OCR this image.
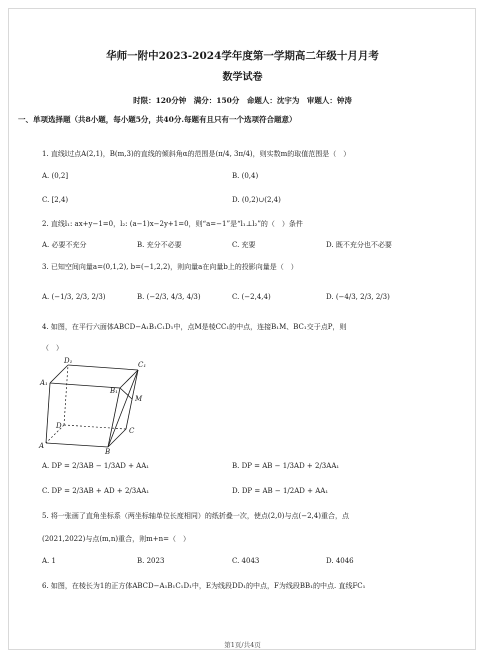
华师一附中2023-2024学年度第一学期高二年级十月月考
数学试卷
时限：120分钟　满分：150分　命题人：沈宇为　审题人：钟涛
一、单项选择题（共8小题，每小题5分，共40分.每题有且只有一个选项符合题意）
1. 直线l过点A(2,1)，B(m,3)的直线的倾斜角α的范围是(π/4, 3π/4)，则实数m的取值范围是（　）
A. (0,2]	B. (0,4)
C. [2,4)	D. (0,2)∪(2,4)
2. 直线l₁: ax+y−1=0，l₂: (a−1)x−2y+1=0，则“a=−1”是“l₁⊥l₂”的（　）条件
A. 必要不充分	B. 充分不必要	C. 充要	D. 既不充分也不必要
3. 已知空间向量a=(0,1,2), b=(−1,2,2)，则向量a在向量b上的投影向量是（　）
A. (−1/3, 2/3, 2/3)	B. (−2/3, 4/3, 4/3)	C. (−2,4,4)	D. (−4/3, 2/3, 2/3)
4. 如图，在平行六面体ABCD−A₁B₁C₁D₁中，点M是棱CC₁的中点，连接B₁M、BC₁交于点P，则
（　）
D₁	C₁
A₁
B₁
M
D
C
A
B
A. DP = 2/3AB − 1/3AD + AA₁	B. DP = AB − 1/3AD + 2/3AA₁
C. DP = 2/3AB + AD + 2/3AA₁	D. DP = AB − 1/2AD + AA₁
5. 将一张画了直角坐标系（两坐标轴单位长度相同）的纸折叠一次，使点(2,0)与点(−2,4)重合，点
(2021,2022)与点(m,n)重合，则m+n=（　）
A. 1	B. 2023	C. 4043	D. 4046
6. 如图，在棱长为1的正方体ABCD−A₁B₁C₁D₁中，E为线段DD₁的中点，F为线段BB₁的中点. 直线FC₁
第1页/共4页
